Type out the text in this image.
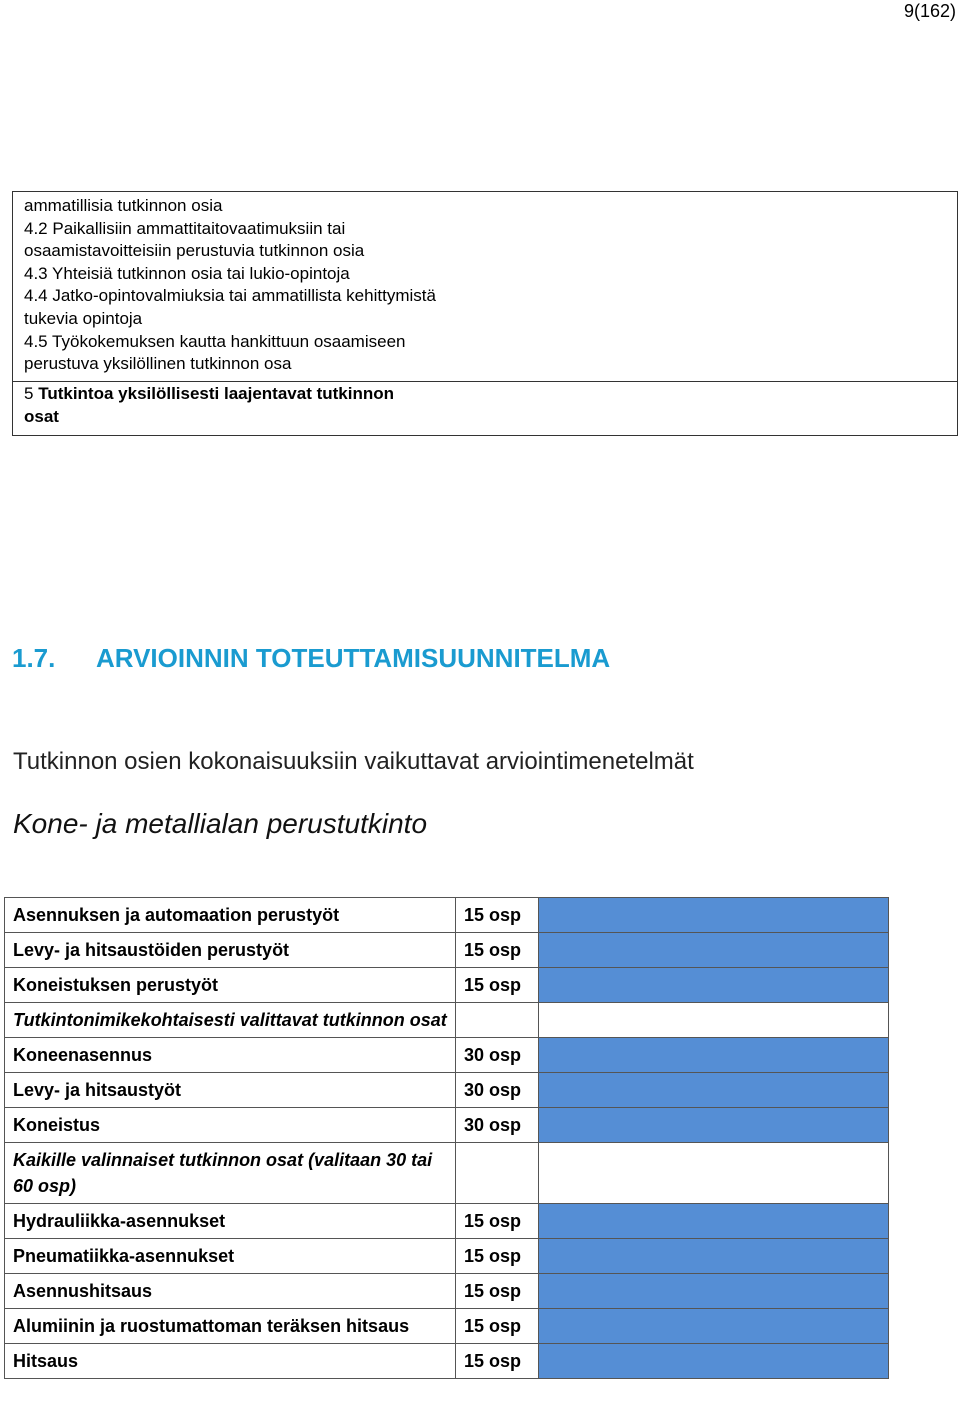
9(162)
ammatillisia tutkinnon osia
4.2 Paikallisiin ammattitaitovaatimuksiin tai
osaamistavoitteisiin perustuvia tutkinnon osia
4.3 Yhteisiä tutkinnon osia tai lukio-opintoja
4.4 Jatko-opintovalmiuksia tai ammatillista kehittymistä
tukevia opintoja
4.5 Työkokemuksen kautta hankittuun osaamiseen
perustuva yksilöllinen tutkinnon osa
5 Tutkintoa yksilöllisesti laajentavat tutkinnon
osat
1.7. ARVIOINNIN TOTEUTTAMISUUNNITELMA
Tutkinnon osien kokonaisuuksiin vaikuttavat arviointimenetelmät
Kone- ja metallialan perustutkinto
Asennuksen ja automaation perustyöt	15 osp	
Levy- ja hitsaustöiden perustyöt	15 osp	
Koneistuksen perustyöt	15 osp	
Tutkintonimikekohtaisesti valittavat tutkinnon osat		
Koneenasennus	30 osp	
Levy- ja hitsaustyöt	30 osp	
Koneistus	30 osp	
Kaikille valinnaiset tutkinnon osat (valitaan 30 tai 60 osp)		
Hydrauliikka-asennukset	15 osp	
Pneumatiikka-asennukset	15 osp	
Asennushitsaus	15 osp	
Alumiinin ja ruostumattoman teräksen hitsaus	15 osp	
Hitsaus	15 osp	
